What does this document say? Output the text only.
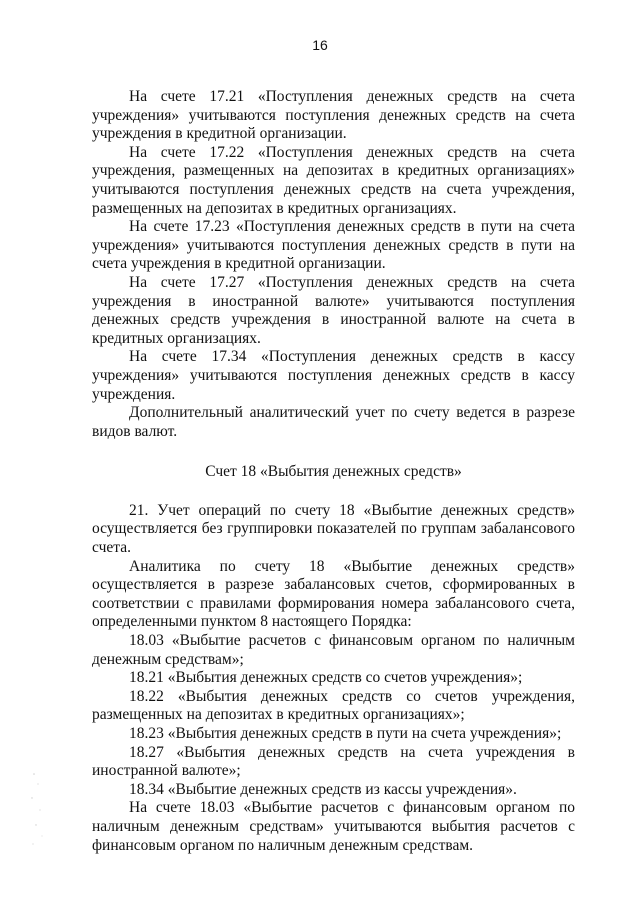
16

На счете 17.21 «Поступления денежных средств на счета учреждения» учитываются поступления денежных средств на счета учреждения в кредитной организации.

На счете 17.22 «Поступления денежных средств на счета учреждения, размещенных на депозитах в кредитных организациях» учитываются поступления денежных средств на счета учреждения, размещенных на депозитах в кредитных организациях.

На счете 17.23 «Поступления денежных средств в пути на счета учреждения» учитываются поступления денежных средств в пути на счета учреждения в кредитной организации.

На счете 17.27 «Поступления денежных средств на счета учреждения в иностранной валюте» учитываются поступления денежных средств учреждения в иностранной валюте на счета в кредитных организациях.

На счете 17.34 «Поступления денежных средств в кассу учреждения» учитываются поступления денежных средств в кассу учреждения.

Дополнительный аналитический учет по счету ведется в разрезе видов валют.

Счет 18 «Выбытия денежных средств»

21. Учет операций по счету 18 «Выбытие денежных средств» осуществляется без группировки показателей по группам забалансового счета.

Аналитика по счету 18 «Выбытие денежных средств» осуществляется в разрезе забалансовых счетов, сформированных в соответствии с правилами формирования номера забалансового счета, определенными пунктом 8 настоящего Порядка:

18.03 «Выбытие расчетов с финансовым органом по наличным денежным средствам»;

18.21 «Выбытия денежных средств со счетов учреждения»;

18.22 «Выбытия денежных средств со счетов учреждения, размещенных на депозитах в кредитных организациях»;

18.23 «Выбытия денежных средств в пути на счета учреждения»;

18.27 «Выбытия денежных средств на счета учреждения в иностранной валюте»;

18.34 «Выбытие денежных средств из кассы учреждения».

На счете 18.03 «Выбытие расчетов с финансовым органом по наличным денежным средствам» учитываются выбытия расчетов с финансовым органом по наличным денежным средствам.
